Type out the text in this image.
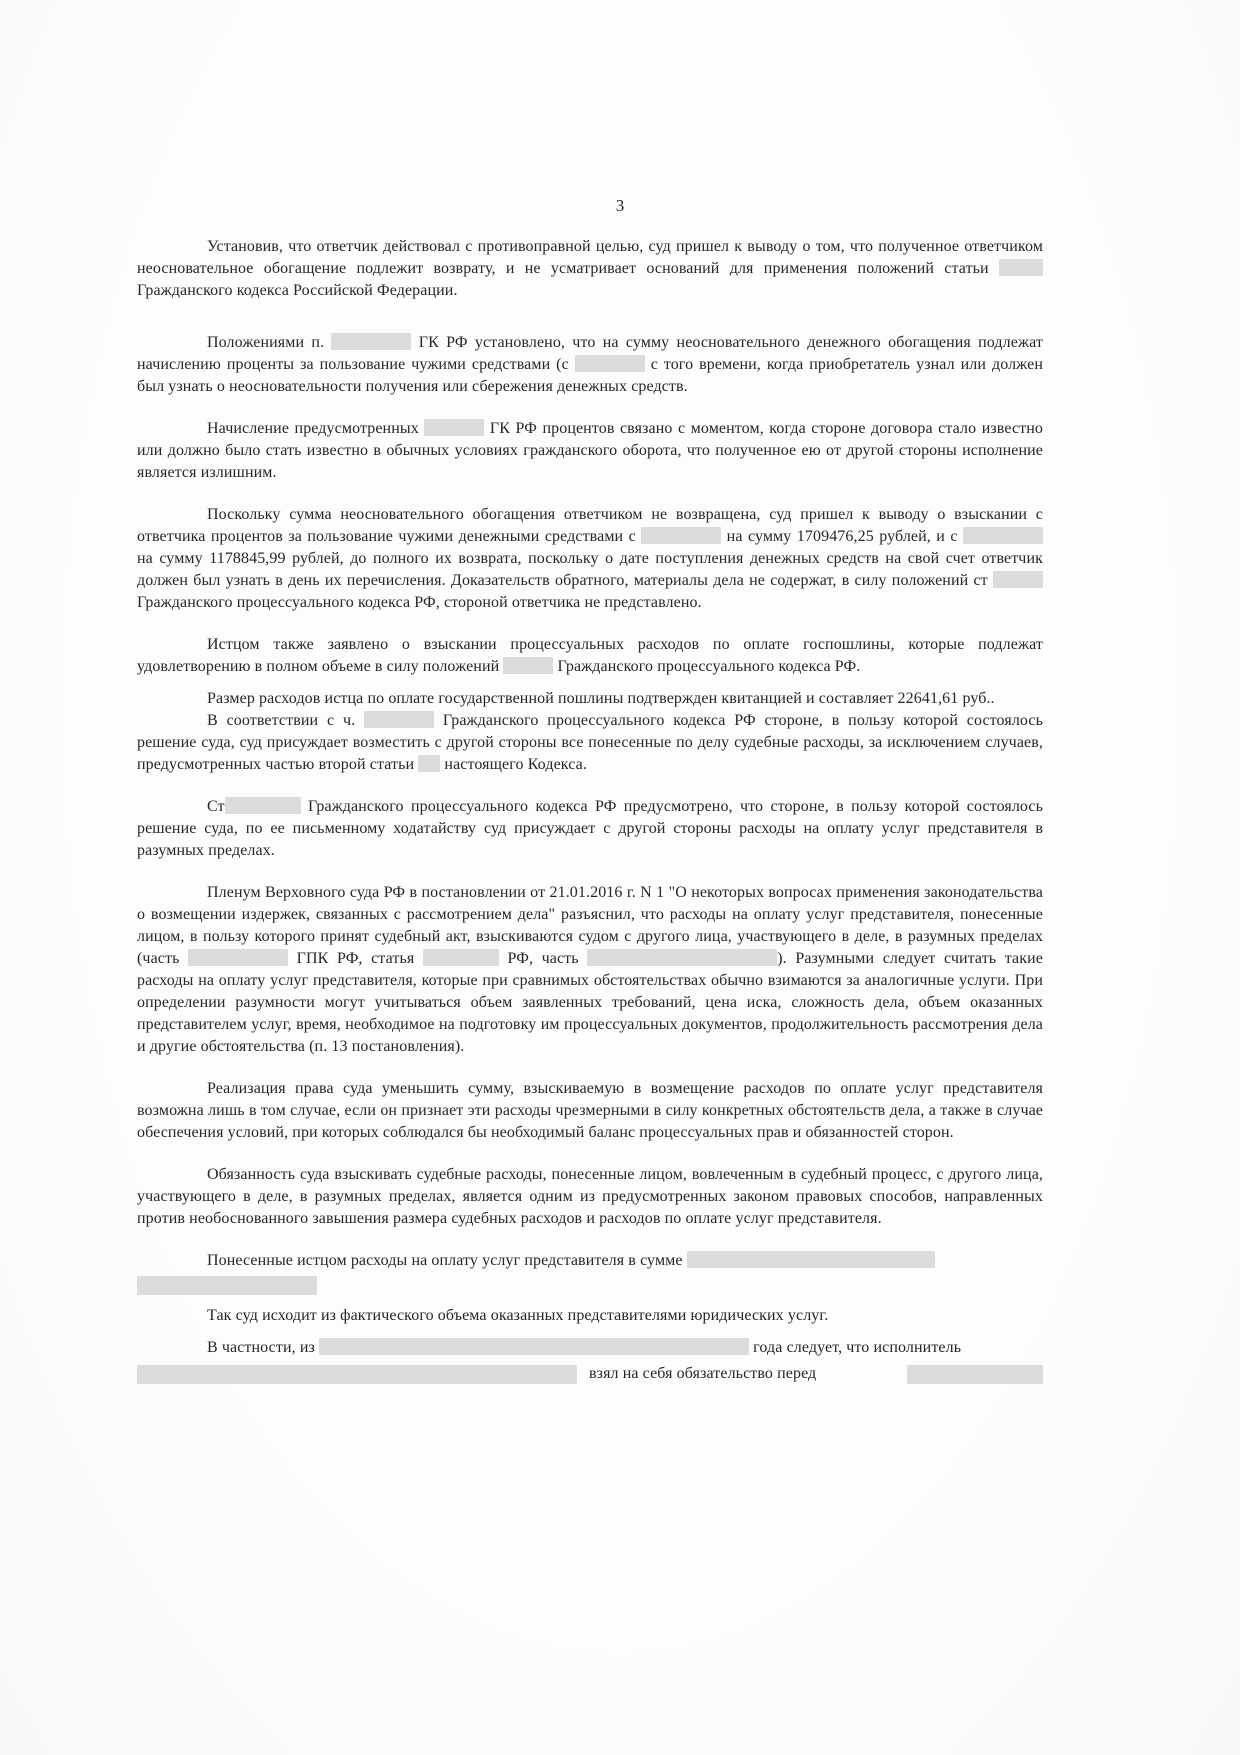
3

Установив, что ответчик действовал с противоправной целью, суд пришел к выводу о том, что полученное ответчиком неосновательное обогащение подлежит возврату, и не усматривает оснований для применения положений статьи  Гражданского кодекса Российской Федерации.

Положениями п.	ГК РФ установлено, что на сумму неосновательного денежного обогащения подлежат начислению проценты за пользование чужими средствами (с	с того времени, когда приобретатель узнал или должен был узнать о неосновательности получения или сбережения денежных средств.

Начисление предусмотренных	ГК РФ процентов связано с моментом, когда стороне договора стало известно или должно было стать известно в обычных условиях гражданского оборота, что полученное ею от другой стороны исполнение является излишним.

Поскольку сумма неосновательного обогащения ответчиком не возвращена, суд пришел к выводу о взыскании с ответчика процентов за пользование чужими денежными средствами с	на сумму 1709476,25 рублей, и с  на сумму 1178845,99 рублей, до полного их возврата, поскольку о дате поступления денежных средств на свой счет ответчик должен был узнать в день их перечисления. Доказательств обратного, материалы дела не содержат, в силу положений ст  Гражданского процессуального кодекса РФ, стороной ответчика не представлено.

Истцом также заявлено о взыскании процессуальных расходов по оплате госпошлины, которые подлежат удовлетворению в полном объеме в силу положений	Гражданского процессуального кодекса РФ.

Размер расходов истца по оплате государственной пошлины подтвержден квитанцией и составляет 22641,61 руб..

В соответствии с ч.	Гражданского процессуального кодекса РФ стороне, в пользу которой состоялось решение суда, суд присуждает возместить с другой стороны все понесенные по делу судебные расходы, за исключением случаев, предусмотренных частью второй статьи настоящего Кодекса.

Ст	Гражданского процессуального кодекса РФ предусмотрено, что стороне, в пользу которой состоялось решение суда, по ее письменному ходатайству суд присуждает с другой стороны расходы на оплату услуг представителя в разумных пределах.

Пленум Верховного суда РФ в постановлении от 21.01.2016 г. N 1 "О некоторых вопросах применения законодательства о возмещении издержек, связанных с рассмотрением дела" разъяснил, что расходы на оплату услуг представителя, понесенные лицом, в пользу которого принят судебный акт, взыскиваются судом с другого лица, участвующего в деле, в разумных пределах (часть	ГПК РФ, статья	РФ, часть	). Разумными следует считать такие расходы на оплату услуг представителя, которые при сравнимых обстоятельствах обычно взимаются за аналогичные услуги. При определении разумности могут учитываться объем заявленных требований, цена иска, сложность дела, объем оказанных представителем услуг, время, необходимое на подготовку им процессуальных документов, продолжительность рассмотрения дела и другие обстоятельства (п. 13 постановления).

Реализация права суда уменьшить сумму, взыскиваемую в возмещение расходов по оплате услуг представителя возможна лишь в том случае, если он признает эти расходы чрезмерными в силу конкретных обстоятельств дела, а также в случае обеспечения условий, при которых соблюдался бы необходимый баланс процессуальных прав и обязанностей сторон.

Обязанность суда взыскивать судебные расходы, понесенные лицом, вовлеченным в судебный процесс, с другого лица, участвующего в деле, в разумных пределах, является одним из предусмотренных законом правовых способов, направленных против необоснованного завышения размера судебных расходов и расходов по оплате услуг представителя.

Понесенные истцом расходы на оплату услуг представителя в сумме

Так суд исходит из фактического объема оказанных представителями юридических услуг.

В частности, из	года следует, что исполнитель

взял на себя обязательство перед
